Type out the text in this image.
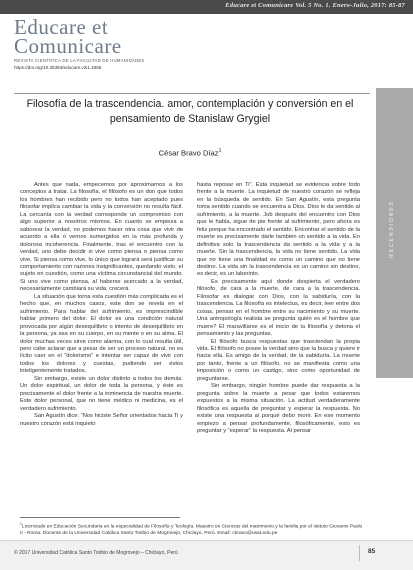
Educare et Comunicare Vol. 5 No. 1. Enero-Julio, 2017: 85-87
Educare et
Comunicare
REVISTA CIENTÍFICA DE LA FACULTAD DE HUMANIDADES
https://doi.org/10.35383/educare.v2i1.1865
Filosofía de la trascendencia. amor, contemplación y conversión en el pensamiento de Stanislaw Grygiel
César Bravo Díaz$^1$

Antes que nada, empecemos por aproximarnos a los conceptos a tratar. La filosofía, el filósofo es un don que todos los hombres han recibido pero no todos han aceptado pues filosofar implica cambiar la vida y la conversión no resulta fácil. La cercanía con la verdad corresponde un compromiso con algo superior a nosotros mismos. En cuanto se empieza a saborear la verdad, no podemos hacer otra cosa que vivir de acuerdo a ella o vernos sumergidos en la más profunda y dolorosa incoherencia. Finalmente, tras el encuentro con la verdad, uno debe decidir si vive como piensa o piensa como vive. Si piensa como vive, lo único que logrará será justificar su comportamiento con razones insignificantes, quedando visto, el sujeto en cuestión, como una víctima circunstancial del mundo. Si uno vive como piensa, al haberse acercado a la verdad, necesariamente cambiará su vida, crecerá.

La situación que torna esta cuestión más complicada es el hecho que, en muchos casos, este don se revela en el sufrimiento. Para hablar del sufrimiento, es imprescindible hablar primero del dolor. El dolor es una condición natural provocada por algún desequilibrio o intento de desequilibrio en la persona, ya sea en su cuerpo, en su mente o en su alma. El dolor muchas veces sirve como alarma, con lo cual resulta útil, pero cabe aclarar que a pesar de ser un proceso natural, no es lícito caer en el “dolorismo” e intentar ser capaz de vivir con todos los dolores y cuestas, pudiendo ser éstos inteligentemente tratados.

Sin embargo, existe un dolor distinto a todos los demás. Un dolor espiritual, un dolor de toda la persona, y éste es precisamente el dolor frente a la inminencia de nuestra muerte. Este dolor personal, que no tiene médico ni medicina, es el verdadero sufrimiento.

San Agustín dice: “Nos hiciste Señor orientados hacia Ti y nuestro corazón está inquieto

hasta reposar en Ti”. Esta inquietud se evidencia sobre todo frente a la muerte. La inquietud de nuestro corazón se refleja en la búsqueda de sentido. En San Agustín, esta pregunta toma sentido cuando se encuentra a Dios. Dios le da sentido al sufrimiento, a la muerte. Job después del encuentro con Dios que le habla, sigue de pie frente al sufrimiento, pero ahora es feliz porque ha encontrado el sentido. Encontrar el sentido de la muerte es precisamente darle también un sentido a la vida. En definitiva solo la trascendencia da sentido a la vida y a la muerte. Sin la trascendencia, la vida no tiene sentido. La vida que no tiene una finalidad es como un camino que no tiene destino. La vida sin la trascendencia es un camino sin destino, es decir, es un laberinto.

Es precisamente aquí donde despierta el verdadero filósofo, de cara a la muerte, de cara a la trascendencia. Filosofar es dialogar con Dios, con la sabiduría, con la trascendencia. La filosofía es intelectus, es decir, leer entre dos cosas, pensar en el hombre entre su nacimiento y su muerte. Una antropología realista se pregunta quién es el hombre que muere? El maravillarse es el inicio de la filosofía y detona el pensamiento y las preguntas.

El filósofo busca respuestas que trasciendan la propia vida. El filósofo no posee la verdad sino que la busca y quiere ir hacia ella. Es amigo de la verdad, de la sabiduría. La muerte por tanto, frente a un filósofo, no se manifiesta como una imposición o como un castigo, sino como oportunidad de preguntarse.

Sin embargo, ningún hombre puede dar respuesta a la pregunta sobre la muerte a pesar que todos estaremos expuestos a la misma situación. La actitud verdaderamente filosófica es aquella de preguntar y esperar la respuesta. No existe una respuesta al porqué debo morir. En ese momento empiezo a pensar profundamente, filosóficamente, esto es preguntar y “esperar” la respuesta. Al pensar

RECENSIONES
$^1$Licenciado en Educación Secundaria en la especialidad de Filosofía y Teología. Maestro en Ciencias del matrimonio y la familia por el Istituto Giovanni Paolo II - Roma. Docente de la Universidad Católica Santo Toribio de Mogrovejo, Chiclayo, Perú. Email: cbravo@usat.edu.pe
© 2017 Universidad Católica Santo Toribio de Mogrovejo – Chiclayo, Perú	85
